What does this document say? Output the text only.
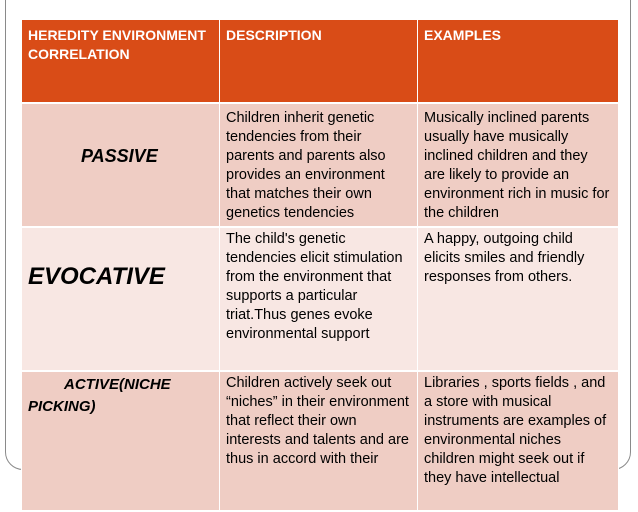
HEREDITY ENVIRONMENT CORRELATION	DESCRIPTION	EXAMPLES

PASSIVE	Children inherit genetic tendencies from their parents and parents also provides an environment that matches their own genetics tendencies	Musically inclined parents usually have musically inclined children and they are likely to provide an environment rich in music for the children

EVOCATIVE	The child's genetic tendencies elicit stimulation from the environment that supports a particular triat.Thus genes evoke environmental support	A happy, outgoing child elicits smiles and friendly responses from others.

ACTIVE(NICHE PICKING)	Children actively seek out “niches” in their environment that reflect their own interests and talents and are thus in accord with their	Libraries , sports fields , and a store with musical instruments are examples of environmental niches children might seek out if they have intellectual
